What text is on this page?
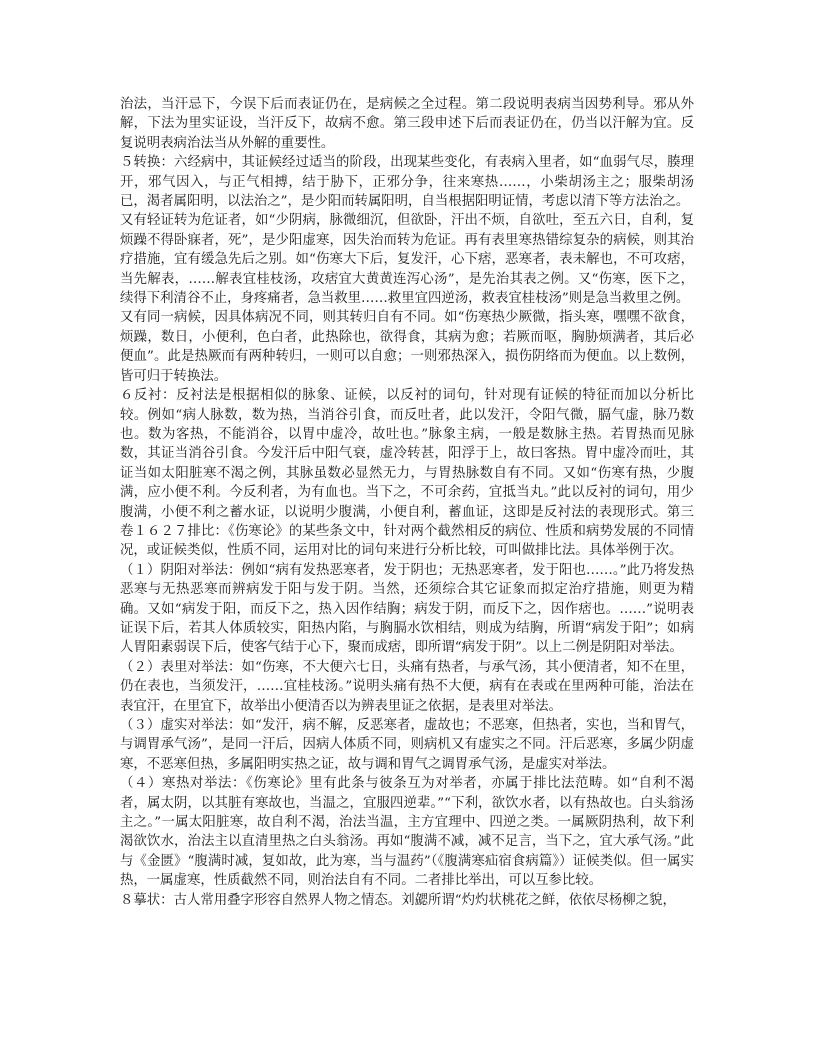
治法，当汗忌下，今误下后而表证仍在，是病候之全过程。第二段说明表病当因势利导。邪从外解，下法为里实证设，当汗反下，故病不愈。第三段申述下后而表证仍在，仍当以汗解为宜。反复说明表病治法当从外解的重要性。

５转换：六经病中，其证候经过适当的阶段，出现某些变化，有表病入里者，如“血弱气尽，腠理开，邪气因入，与正气相搏，结于胁下，正邪分争，往来寒热……，小柴胡汤主之；服柴胡汤已，渴者属阳明，以法治之”，是少阳而转属阳明，自当根据阳明证情，考虑以清下等方法治之。

又有轻证转为危证者，如“少阴病，脉微细沉，但欲卧，汗出不烦，自欲吐，至五六日，自利，复烦躁不得卧寐者，死”，是少阳虚寒，因失治而转为危证。再有表里寒热错综复杂的病候，则其治疗措施，宜有缓急先后之别。如“伤寒大下后，复发汗，心下痞，恶寒者，表未解也，不可攻痞，当先解表，……解表宜桂枝汤，攻痞宜大黄黄连泻心汤”，是先治其表之例。又“伤寒，医下之，续得下利清谷不止，身疼痛者，急当救里……救里宜四逆汤，救表宜桂枝汤”则是急当救里之例。

又有同一病候，因具体病况不同，则其转归自有不同。如“伤寒热少厥微，指头寒，嘿嘿不欲食，烦躁，数日，小便利，色白者，此热除也，欲得食，其病为愈；若厥而呕，胸胁烦满者，其后必便血”。此是热厥而有两种转归，一则可以自愈；一则邪热深入，损伤阴络而为便血。以上数例，皆可归于转换法。

６反衬：反衬法是根据相似的脉象、证候，以反衬的词句，针对现有证候的特征而加以分析比较。例如“病人脉数，数为热，当消谷引食，而反吐者，此以发汗，令阳气微，膈气虚，脉乃数也。数为客热，不能消谷，以胃中虚冷，故吐也。”脉象主病，一般是数脉主热。若胃热而见脉数，其证当消谷引食。今发汗后中阳气衰，虚冷转甚，阳浮于上，故曰客热。胃中虚冷而吐，其证当如太阳脏寒不渴之例，其脉虽数必显然无力，与胃热脉数自有不同。又如“伤寒有热，少腹满，应小便不利。今反利者，为有血也。当下之，不可余药，宜抵当丸。”此以反衬的词句，用少腹满，小便不利之蓄水证，以说明少腹满，小便自利，蓄血证，这即是反衬法的表现形式。第三卷１６２７排比：《伤寒论》的某些条文中，针对两个截然相反的病位、性质和病势发展的不同情况，或证候类似，性质不同，运用对比的词句来进行分析比较，可叫做排比法。具体举例于次。

（１）阴阳对举法：例如“病有发热恶寒者，发于阴也；无热恶寒者，发于阳也……。”此乃将发热恶寒与无热恶寒而辨病发于阳与发于阴。当然，还须综合其它证象而拟定治疗措施，则更为精确。又如“病发于阳，而反下之，热入因作结胸；病发于阴，而反下之，因作痞也。……”说明表证误下后，若其人体质较实，阳热内陷，与胸膈水饮相结，则成为结胸，所谓“病发于阳”；如病人胃阳素弱误下后，使客气结于心下，聚而成痞，即所谓“病发于阴”。以上二例是阴阳对举法。

（２）表里对举法：如“伤寒，不大便六七日，头痛有热者，与承气汤，其小便清者，知不在里，仍在表也，当须发汗，……宜桂枝汤。”说明头痛有热不大便，病有在表或在里两种可能，治法在表宜汗，在里宜下，故举出小便清否以为辨表里证之依据，是表里对举法。

（３）虚实对举法：如“发汗，病不解，反恶寒者，虚故也；不恶寒，但热者，实也，当和胃气，与调胃承气汤”，是同一汗后，因病人体质不同，则病机又有虚实之不同。汗后恶寒，多属少阴虚寒，不恶寒但热，多属阳明实热之证，故与调和胃气之调胃承气汤，是虚实对举法。

（４）寒热对举法：《伤寒论》里有此条与彼条互为对举者，亦属于排比法范畴。如“自利不渴者，属太阴，以其脏有寒故也，当温之，宜服四逆辈。”“下利，欲饮水者，以有热故也。白头翁汤主之。”一属太阳脏寒，故自利不渴，治法当温，主方宜理中、四逆之类。一属厥阴热利，故下利渴欲饮水，治法主以直清里热之白头翁汤。再如“腹满不减，减不足言，当下之，宜大承气汤。”此与《金匮》“腹满时减，复如故，此为寒，当与温药”（《腹满寒疝宿食病篇》）证候类似。但一属实热，一属虚寒，性质截然不同，则治法自有不同。二者排比举出，可以互参比较。

８摹状：古人常用叠字形容自然界人物之情态。刘勰所谓“灼灼状桃花之鲜，依依尽杨柳之貌，
